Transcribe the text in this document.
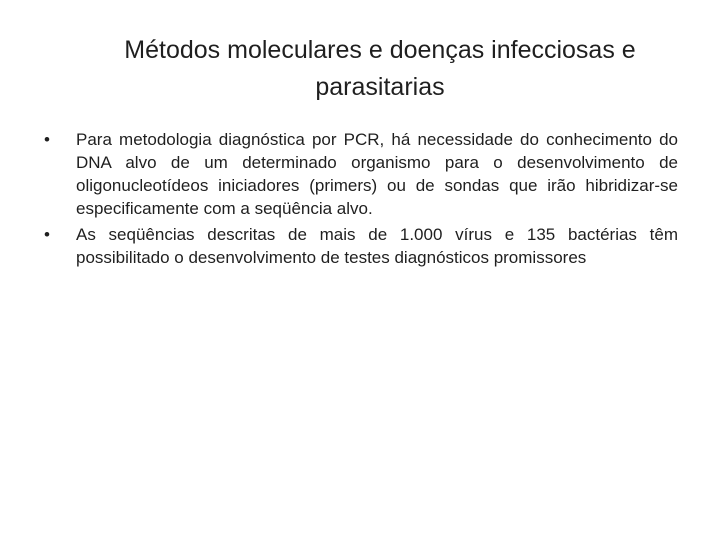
Métodos moleculares e doenças infecciosas e parasitarias
• Para metodologia diagnóstica por PCR, há necessidade do conhecimento do DNA alvo de um determinado organismo para o desenvolvimento de oligonucleotídeos iniciadores (primers) ou de sondas que irão hibridizar-se especificamente com a seqüência alvo.
• As seqüências descritas de mais de 1.000 vírus e 135 bactérias têm possibilitado o desenvolvimento de testes diagnósticos promissores
